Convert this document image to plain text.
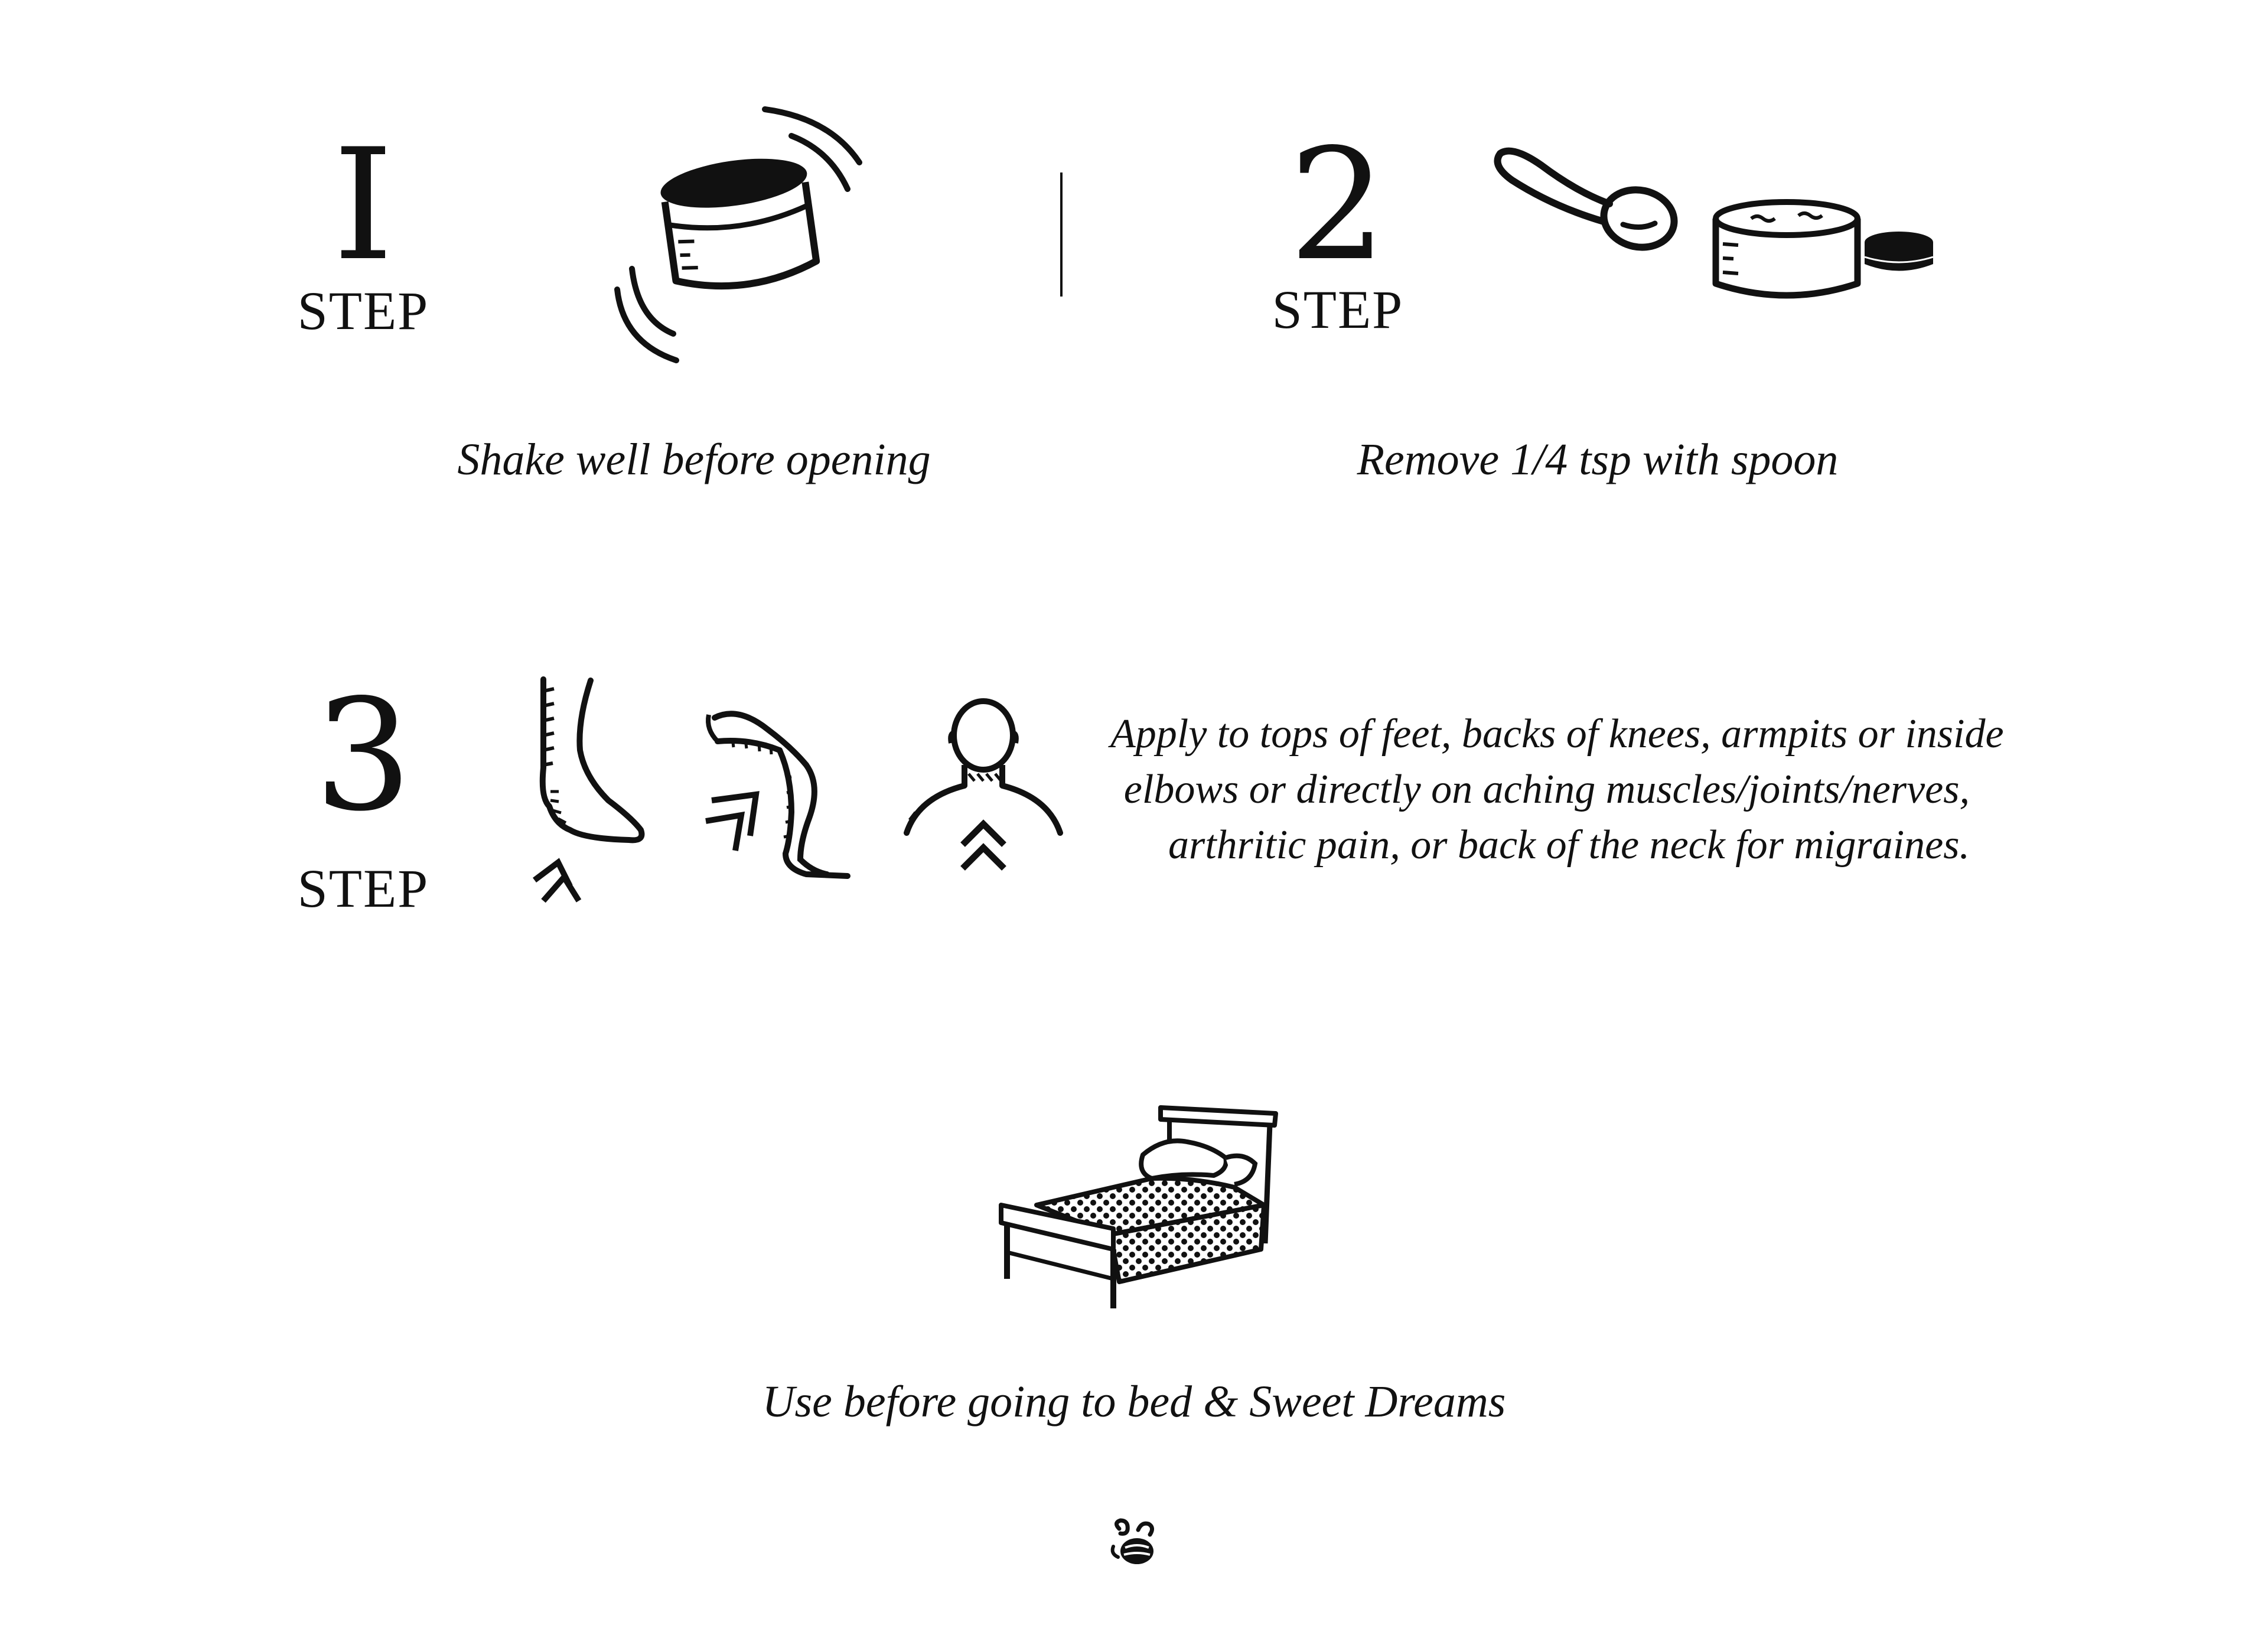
I
STEP
Shake well before opening
2
STEP
Remove 1/4 tsp with spoon
3
STEP
Apply to tops of feet, backs of knees, armpits or inside
elbows or directly on aching muscles/joints/nerves,
arthritic pain, or back of the neck for migraines.
Use before going to bed & Sweet Dreams
